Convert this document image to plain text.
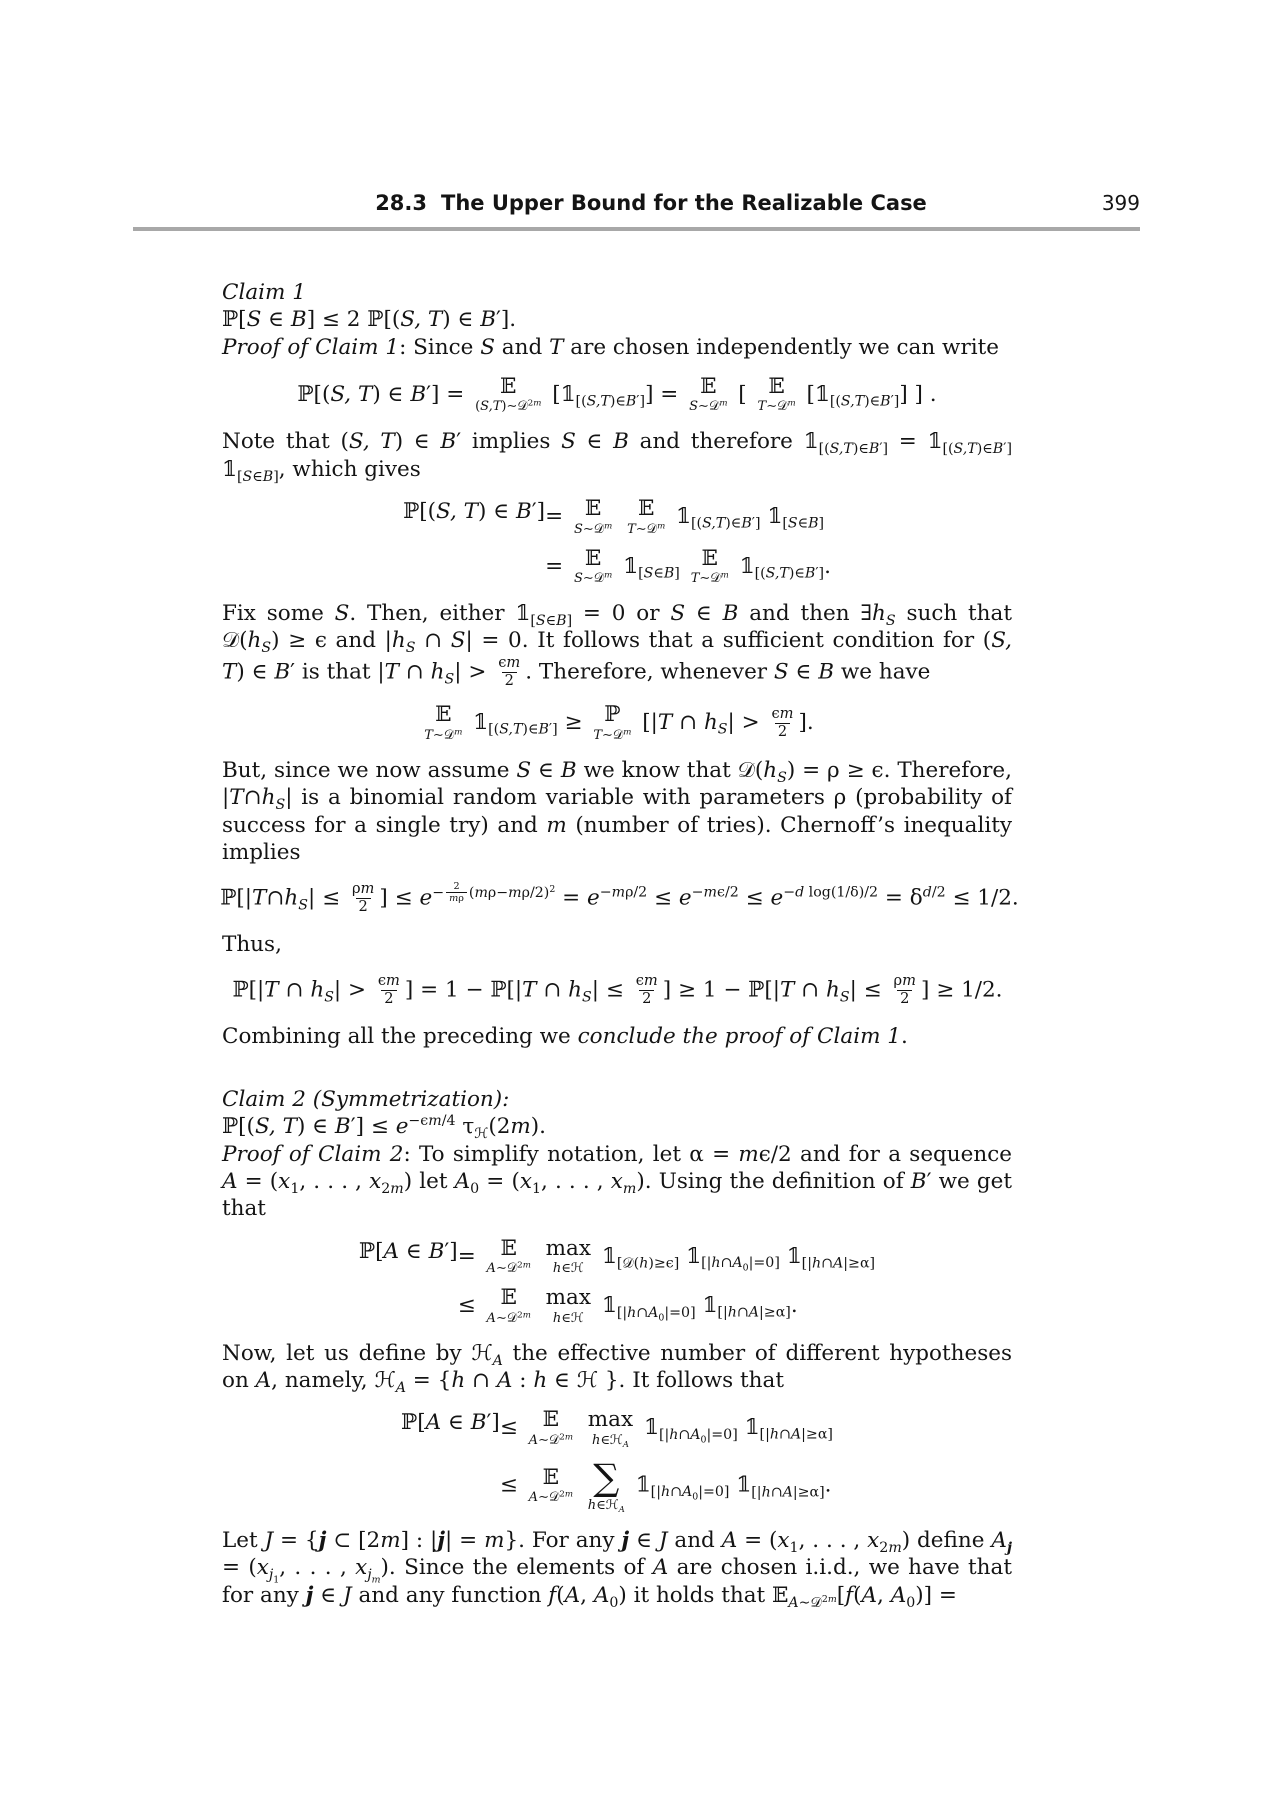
28.3 The Upper Bound for the Realizable Case	399

Claim 1

ℙ[S ∈ B] ≤ 2 ℙ[(S, T) ∈ B′].

Proof of Claim 1: Since S and T are chosen independently we can write

ℙ[(S, T) ∈ B′] = 𝔼
(S,T)∼𝒟$^{2m}$ $[𝟙_{[(S,T)\in B']}]$ = 𝔼
S∼𝒟$^m$ [ 𝔼
T∼𝒟$^m$ $[𝟙_{[(S,T)\in B']}]$ ] .

Note that (S, T) ∈ B′ implies S ∈ B and therefore $𝟙_{[(S,T)\in B']}$ = $𝟙_{[(S,T)\in B']}$ $𝟙_{[S\in B]}$, which gives

ℙ[(S, T) ∈ B′] = 𝔼
S∼𝒟$^m$

𝔼
T∼𝒟$^m$ $𝟙_{[(S,T)\in B']}$ $𝟙_{[S\in B]}$
= 𝔼
S∼𝒟$^m$ $𝟙_{[S\in B]}$
𝔼
T∼𝒟$^m$ $𝟙_{[(S,T)\in B']}$.

Fix some S. Then, either $𝟙_{[S\in B]} = 0$ or S ∈ B and then $\exists h_S$ such that $𝒟(h_S) \ge \epsilon$ and $|h_S$ ∩ S| = 0. It follows that a sufficient condition for (S, T) ∈ B′ is that |T ∩ $h_S| > \frac{\epsilon m}{2}$ . Therefore, whenever S ∈ B we have

𝔼
T∼𝒟$^m$ $𝟙_{[(S,T)\in B']}$ ≥ ℙ
T∼𝒟$^m$ [|T ∩ $h_S| > \frac{\epsilon m}{2}$ ].

But, since we now assume S ∈ B we know that $𝒟(h_S) = \rho \ge \epsilon$. Therefore, $|T\cap h_S|$ is a binomial random variable with parameters ρ (probability of success for a single try) and m (number of tries). Chernoff’s inequality implies

$ℙ[|T\cap h_S| \le \frac{\rho m}{2}$ ] ≤ $e^{- \frac{2}{m\rho} (m\rho-m\rho/2)^2} = e^{-m\rho/2} \le e^{-m\epsilon/2} \le e^{-d log(1/\delta)/2} = \delta^{d/2} \le 1/2$.

Thus,

ℙ[|T ∩ $h_S| > \frac{\epsilon m}{2}$ ] = 1 − ℙ[|T ∩ $h_S| \le \frac{\epsilon m}{2}$ ] ≥ 1 − ℙ[|T ∩ $h_S| \le \frac{\rho m}{2}$ ] ≥ 1/2.

Combining all the preceding we conclude the proof of Claim 1.

Claim 2 (Symmetrization):

ℙ[(S, T) ∈ $B'] \le e^{-\epsilon m/4}$ $\tau_ℋ(2m)$.

Proof of Claim 2: To simplify notation, let α = mϵ/2 and for a sequence $A = (x_1$, . . . , $x_{2m}$) let $A_0 = (x_1$, . . . , $x_m$). Using the definition of B′ we get that

ℙ[A ∈ B′] = 𝔼
A∼𝒟$^{2m}$

max
h∈ℋ
$𝟙_{[𝒟(h)\ge\epsilon]}$ $𝟙_{[|h\cap A_0|=0]}$ $𝟙_{[|h\cap A|\ge\alpha]}$
≤ 𝔼
A∼𝒟$^{2m}$

max
h∈ℋ
$𝟙_{[|h\cap A_0|=0]}$ $𝟙_{[|h\cap A|\ge\alpha]}$.

Now, let us define by ℋ$_A$ the effective number of different hypotheses on A, namely, ℋ$_A$ = {h ∩ A : h ∈ ℋ }. It follows that

ℙ[A ∈ B′] ≤ 𝔼
A∼𝒟$^{2m}$

max
h∈ℋ$_A$
$𝟙_{[|h\cap A_0|=0]}$ $𝟙_{[|h\cap A|\ge\alpha]}$
≤ 𝔼
A∼𝒟$^{2m}$
∑
h∈ℋ$_A$
$𝟙_{[|h\cap A_0|=0]}$ $𝟙_{[|h\cap A|\ge\alpha]}$.

Let J = {j ⊂ [2m] : |j| = m}. For any j ∈ J and $A = (x_1$, . . . , $x_{2m}$) define $A_j = (x_{j_1}$, . . . , $x_{j_m}$). Since the elements of A are chosen i.i.d., we have that for any j ∈ J and any function f(A, $A_0$) it holds that 𝔼$_{A\sim 𝒟^{2m}}$[f(A, $A_0$)] =
